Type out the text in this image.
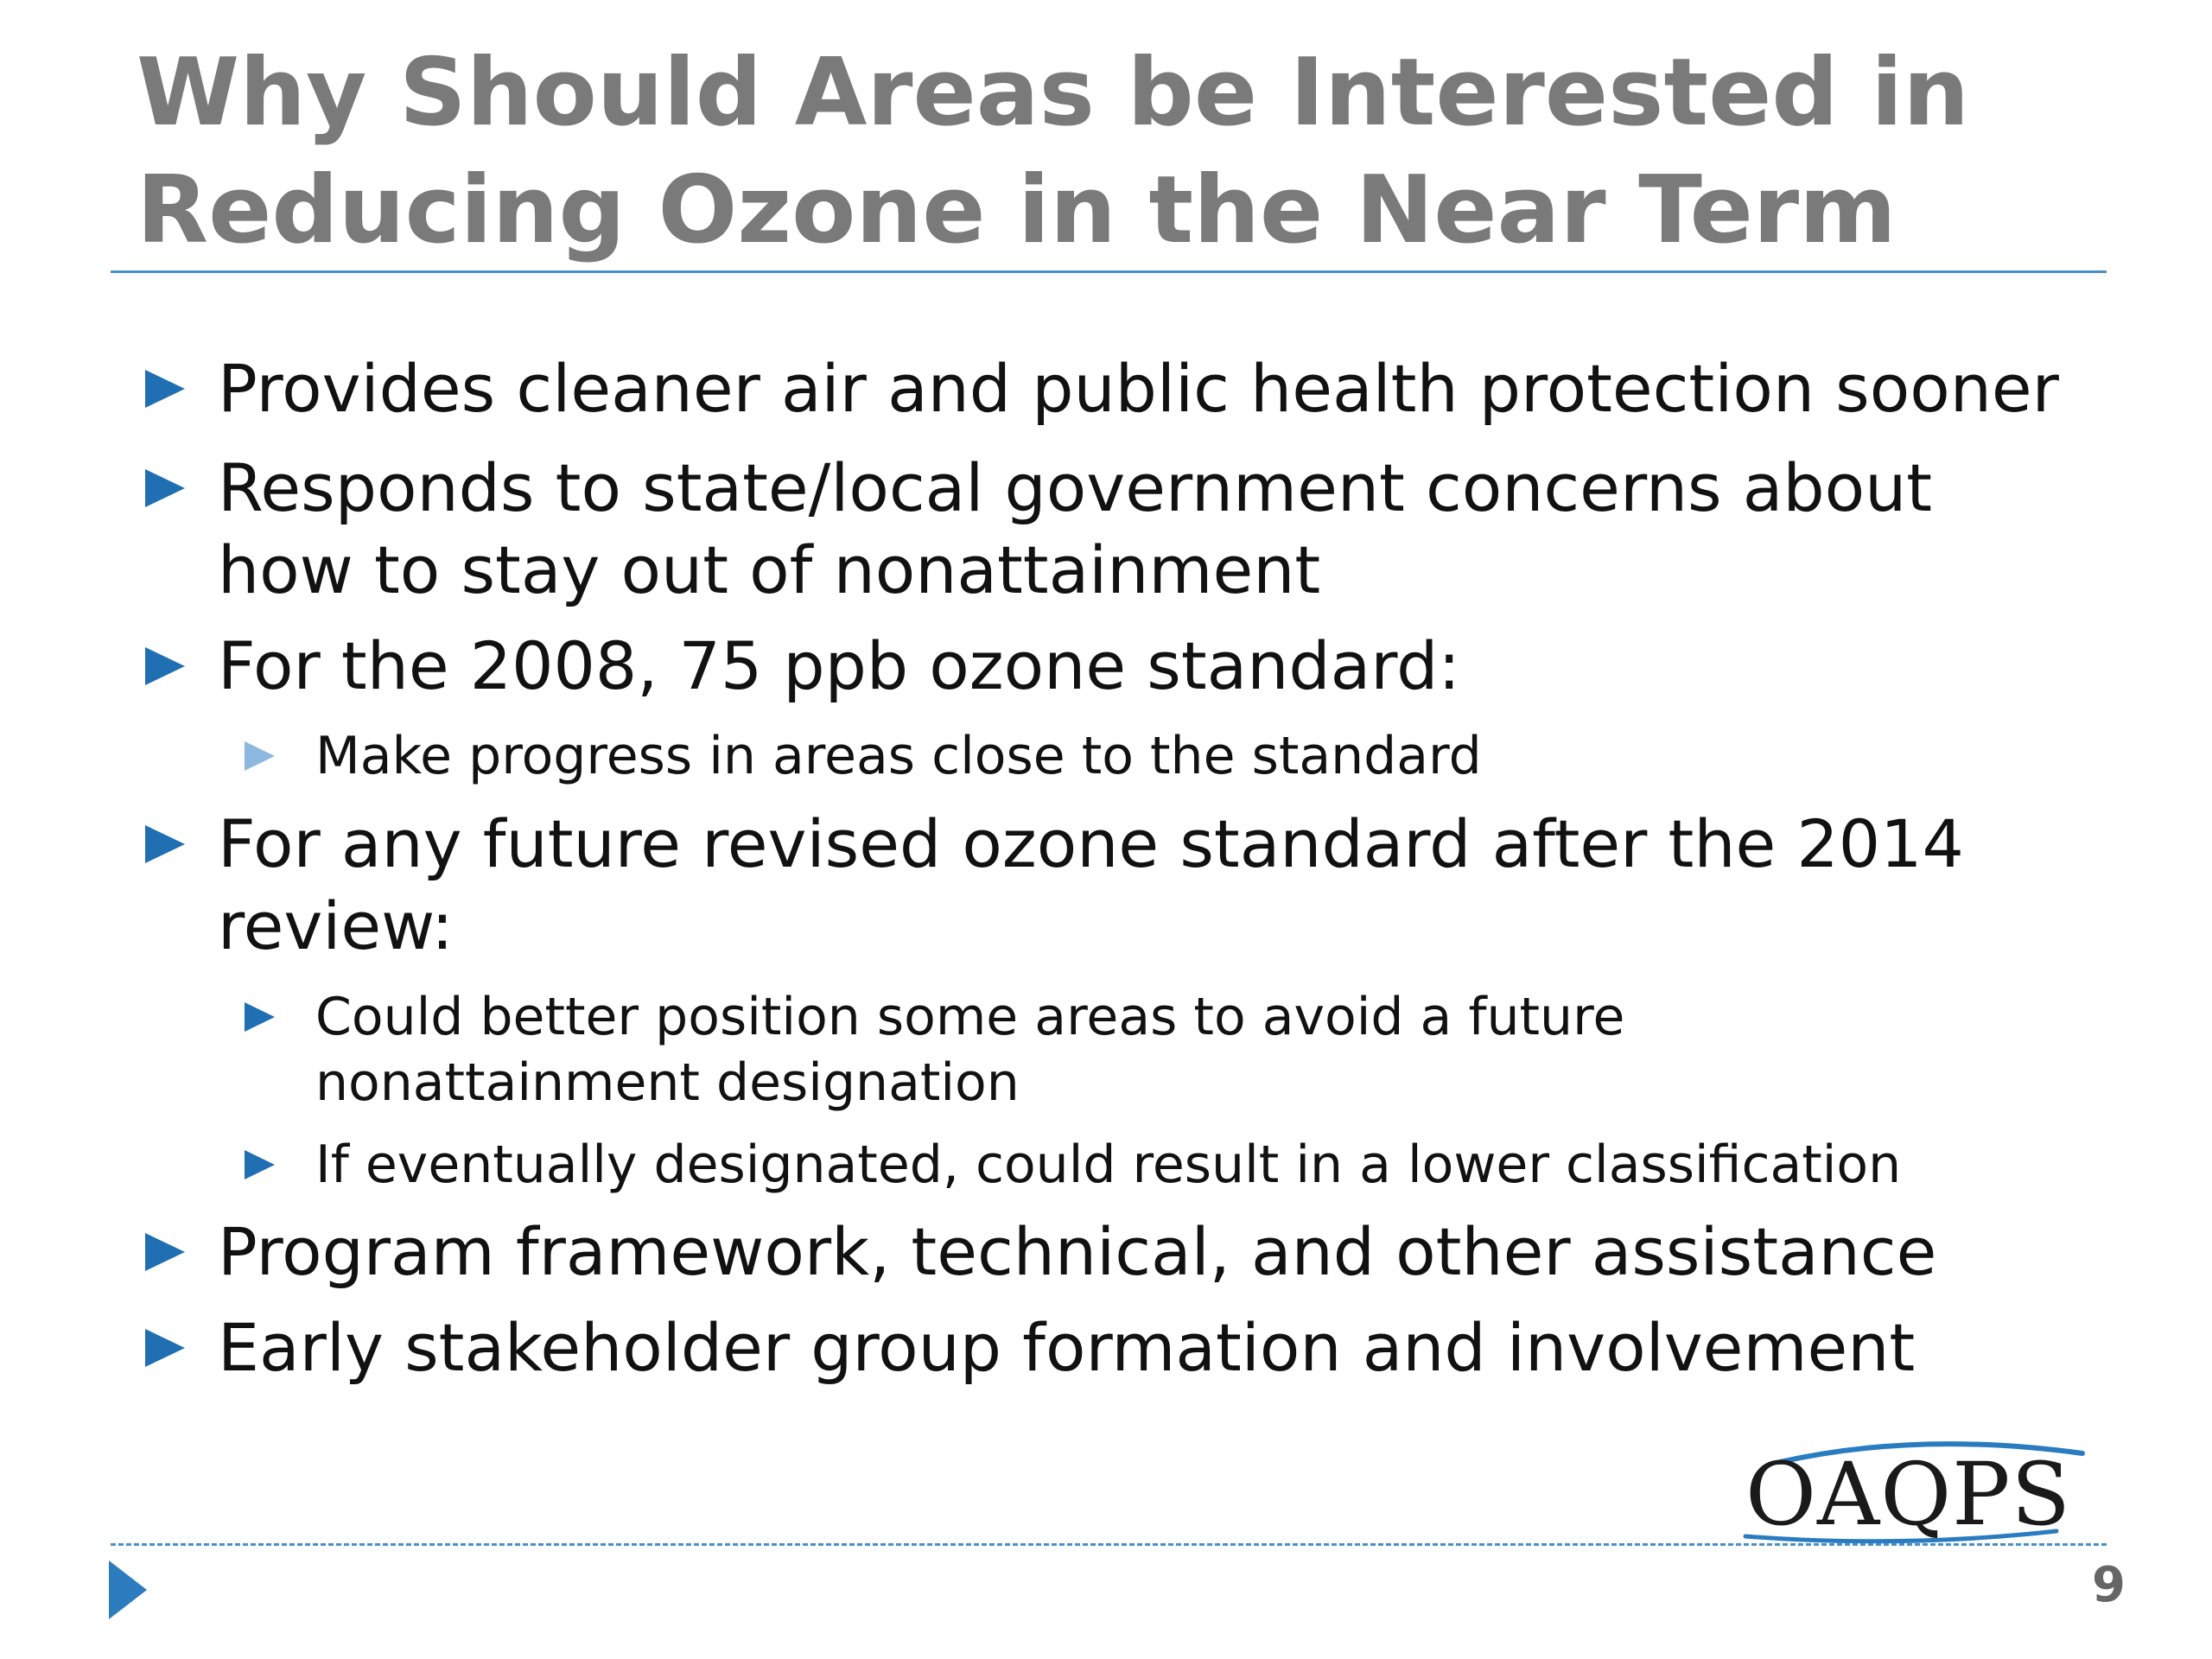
Why Should Areas be Interested in
Reducing Ozone in the Near Term
Provides cleaner air and public health protection sooner
Responds to state/local government concerns about
how to stay out of nonattainment
For the 2008, 75 ppb ozone standard:
Make progress in areas close to the standard
For any future revised ozone standard after the 2014
review:
Could better position some areas to avoid a future
nonattainment designation
If eventually designated, could result in a lower classification
Program framework, technical, and other assistance
Early stakeholder group formation and involvement
OAQPS
9
